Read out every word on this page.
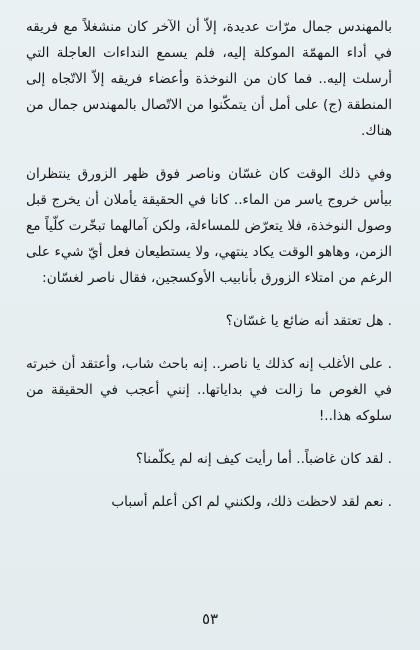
بالمهندس جمال مرّات عديدة، إلاّ أن الآخر كان منشغلاً مع فريقه في أداء المهمّة الموكلة إليه، فلم يسمع النداءات العاجلة التي أرسلت إليه.. فما كان من النوخذة وأعضاء فريقه إلاّ الاتّجاه إلى المنطقة (ج) على أمل أن يتمكّنوا من الاتّصال بالمهندس جمال من هناك.

وفي ذلك الوقت كان غسّان وناصر فوق ظهر الزورق ينتظران بيأس خروج ياسر من الماء.. كانا في الحقيقة يأملان أن يخرج قبل وصول النوخذة، فلا يتعرّض للمساءلة، ولكن آمالهما تبخّرت كلّياً مع الزمن، وهاهو الوقت يكاد ينتهي، ولا يستطيعان فعل أيّ شيء على الرغم من امتلاء الزورق بأنابيب الأوكسجين، فقال ناصر لغسّان:

. هل تعتقد أنه ضائع يا غسّان؟

. على الأغلب إنه كذلك يا ناصر.. إنه باحث شاب، وأعتقد أن خبرته في الغوص ما زالت في بداياتها.. إنني أعجب في الحقيقة من سلوكه هذا..!

. لقد كان غاضباً.. أما رأيت كيف إنه لم يكلّمنا؟

. نعم لقد لاحظت ذلك، ولكنني لم اكن أعلم أسباب

٥٣
